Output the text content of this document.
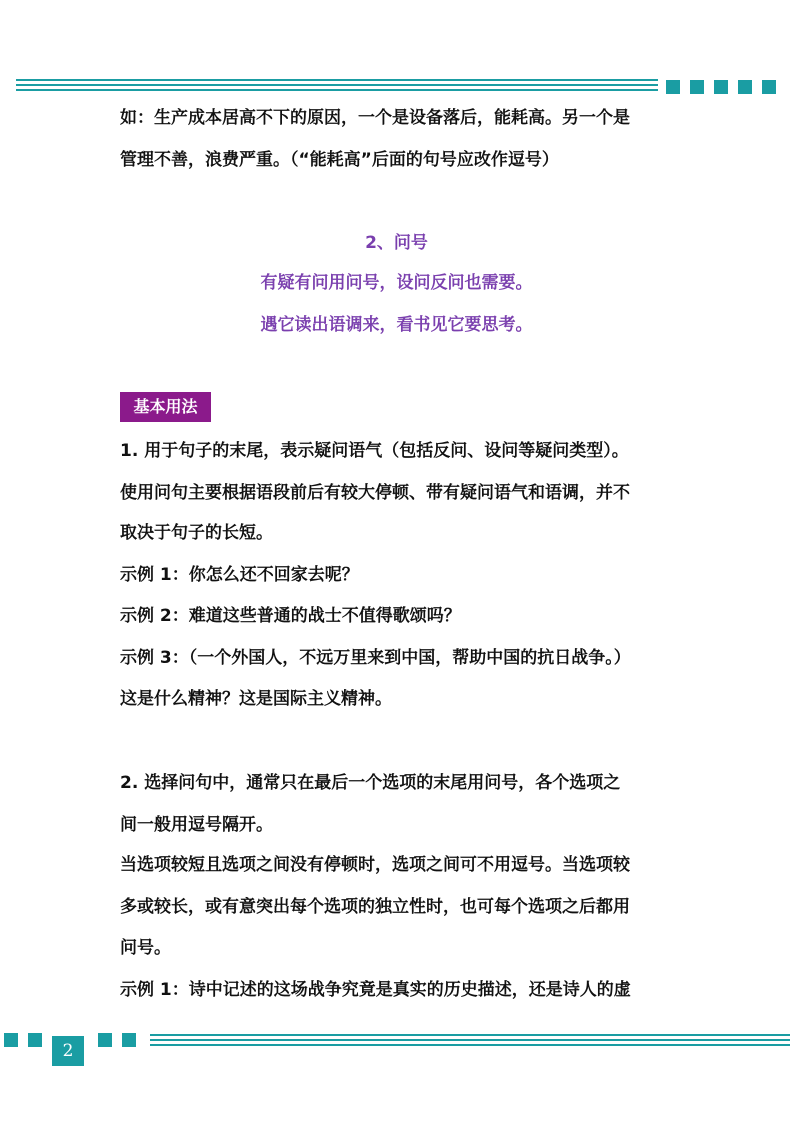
如：生产成本居高不下的原因，一个是设备落后，能耗高。另一个是

管理不善，浪费严重。（“能耗高”后面的句号应改作逗号）

2、问号

有疑有问用问号，设问反问也需要。

遇它读出语调来，看书见它要思考。

基本用法

1. 用于句子的末尾，表示疑问语气（包括反问、设问等疑问类型）。

使用问句主要根据语段前后有较大停顿、带有疑问语气和语调，并不

取决于句子的长短。

示例 1：你怎么还不回家去呢？

示例 2：难道这些普通的战士不值得歌颂吗？

示例 3：（一个外国人，不远万里来到中国，帮助中国的抗日战争。）

这是什么精神？这是国际主义精神。

2. 选择问句中，通常只在最后一个选项的末尾用问号，各个选项之

间一般用逗号隔开。

当选项较短且选项之间没有停顿时，选项之间可不用逗号。当选项较

多或较长，或有意突出每个选项的独立性时，也可每个选项之后都用

问号。

示例 1：诗中记述的这场战争究竟是真实的历史描述，还是诗人的虚

2
